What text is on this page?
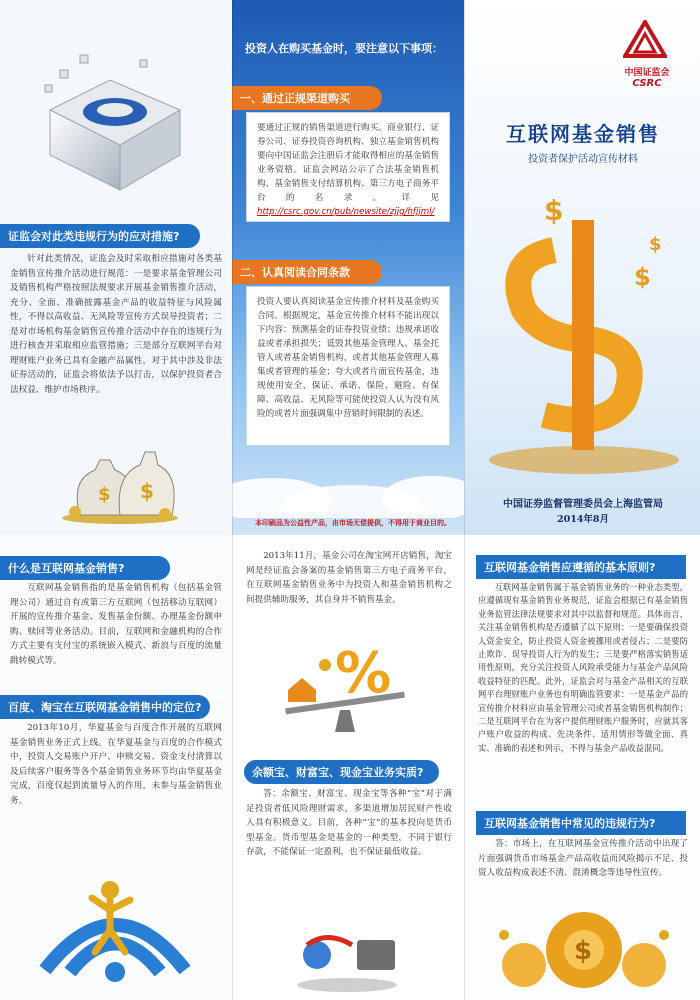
证监会对此类违规行为的应对措施?
针对此类情况，证监会及时采取相应措施对各类基金销售宣传推介活动进行规范：一是要求基金管理公司及销售机构严格按照法规要求开展基金销售推介活动，充分、全面、准确披露基金产品的收益特征与风险属性，不得以高收益、无风险等宣传方式误导投资者；二是对市场机构基金销售宣传推介活动中存在的违规行为进行核查并采取相应监管措施；三是部分互联网平台对理财账户业务已具有金融产品属性，对于其中涉及非法证券活动的，证监会将依法予以打击，以保护投资者合法权益、维护市场秩序。
$ $
投资人在购买基金时，要注意以下事项：
一、通过正规渠道购买
要通过正规的销售渠道进行购买。商业银行、证券公司、证券投资咨询机构、独立基金销售机构要向中国证监会注册后才能取得相应的基金销售业务资格。证监会网站公示了合法基金销售机构、基金销售支付结算机构、第三方电子商务平台的名录。详见 http://csrc.gov.cn/pub/newsite/zjjg/hfjjml/
二、认真阅读合同条款
投资人要认真阅读基金宣传推介材料及基金购买合同。根据规定，基金宣传推介材料不能出现以下内容：预测基金的证券投资业绩；违规承诺收益或者承担损失；诋毁其他基金管理人、基金托管人或者基金销售机构，或者其他基金管理人募集或者管理的基金；夸大或者片面宣传基金，违规使用安全、保证、承诺、保险、避险、有保障、高收益、无风险等可能使投资人认为没有风险的或者片面强调集中营销时间限制的表述。
本印刷品为公益性产品，由市场无偿提供，不得用于商业目的。
$
$
$
中国证监会
CSRC
互联网基金销售
投资者保护活动宣传材料
中国证券监督管理委员会上海监管局
2014年8月
什么是互联网基金销售?
互联网基金销售指的是基金销售机构（包括基金管理公司）通过自有或第三方互联网（包括移动互联网）开展的宣传推介基金、发售基金份额、办理基金份额申购、赎回等业务活动。目前，互联网和金融机构的合作方式主要有支付宝的系统嵌入模式、新浪与百度的流量跳转模式等。
百度、淘宝在互联网基金销售中的定位?
2013年10月，华夏基金与百度合作开展的互联网基金销售业务正式上线。在华夏基金与百度的合作模式中，投资人交易账户开户、申赎交易、资金支付清算以及后续客户服务等各个基金销售业务环节均由华夏基金完成，百度仅起到流量导入的作用，未参与基金销售业务。
2013年11月，基金公司在淘宝网开店销售，淘宝网是经证监会备案的基金销售第三方电子商务平台，在互联网基金销售业务中为投资人和基金销售机构之间提供辅助服务，其自身并不销售基金。
%
余额宝、财富宝、现金宝业务实质?
答：余额宝、财富宝、现金宝等各种“宝”对于满足投资者低风险理财需求，多渠道增加居民财产性收入具有积极意义。目前，各种“宝”的基本投向是货币型基金。货币型基金是基金的一种类型，不同于银行存款，不能保证一定盈利，也不保证最低收益。
互联网基金销售应遵循的基本原则?
互联网基金销售属于基金销售业务的一种业态类型，应遵循现有基金销售业务规范，证监会根据已有基金销售业务监管法律法规要求对其中以监督和规范。具体而言，关注基金销售机构是否遵循了以下原则：一是要确保投资人资金安全，防止投资人资金被挪用或者侵占；二是要防止欺诈、误导投资人行为的发生；三是要严格落实销售适用性原则，充分关注投资人风险承受能力与基金产品风险收益特征的匹配。此外，证监会对与基金产品相关的互联网平台理财账户业务也有明确监管要求：一是基金产品的宣传推介材料应由基金管理公司或者基金销售机构制作；二是互联网平台在为客户提供理财账户服务时，应就其客户账户收益的构成、先决条件、适用情形等做全面、真实、准确的表述和列示，不得与基金产品收益混同。
互联网基金销售中常见的违规行为?
答：市场上，在互联网基金宣传推介活动中出现了片面强调货币市场基金产品高收益而风险揭示不足、投资人收益构成表述不清、混淆概念等违导性宣传。
$
